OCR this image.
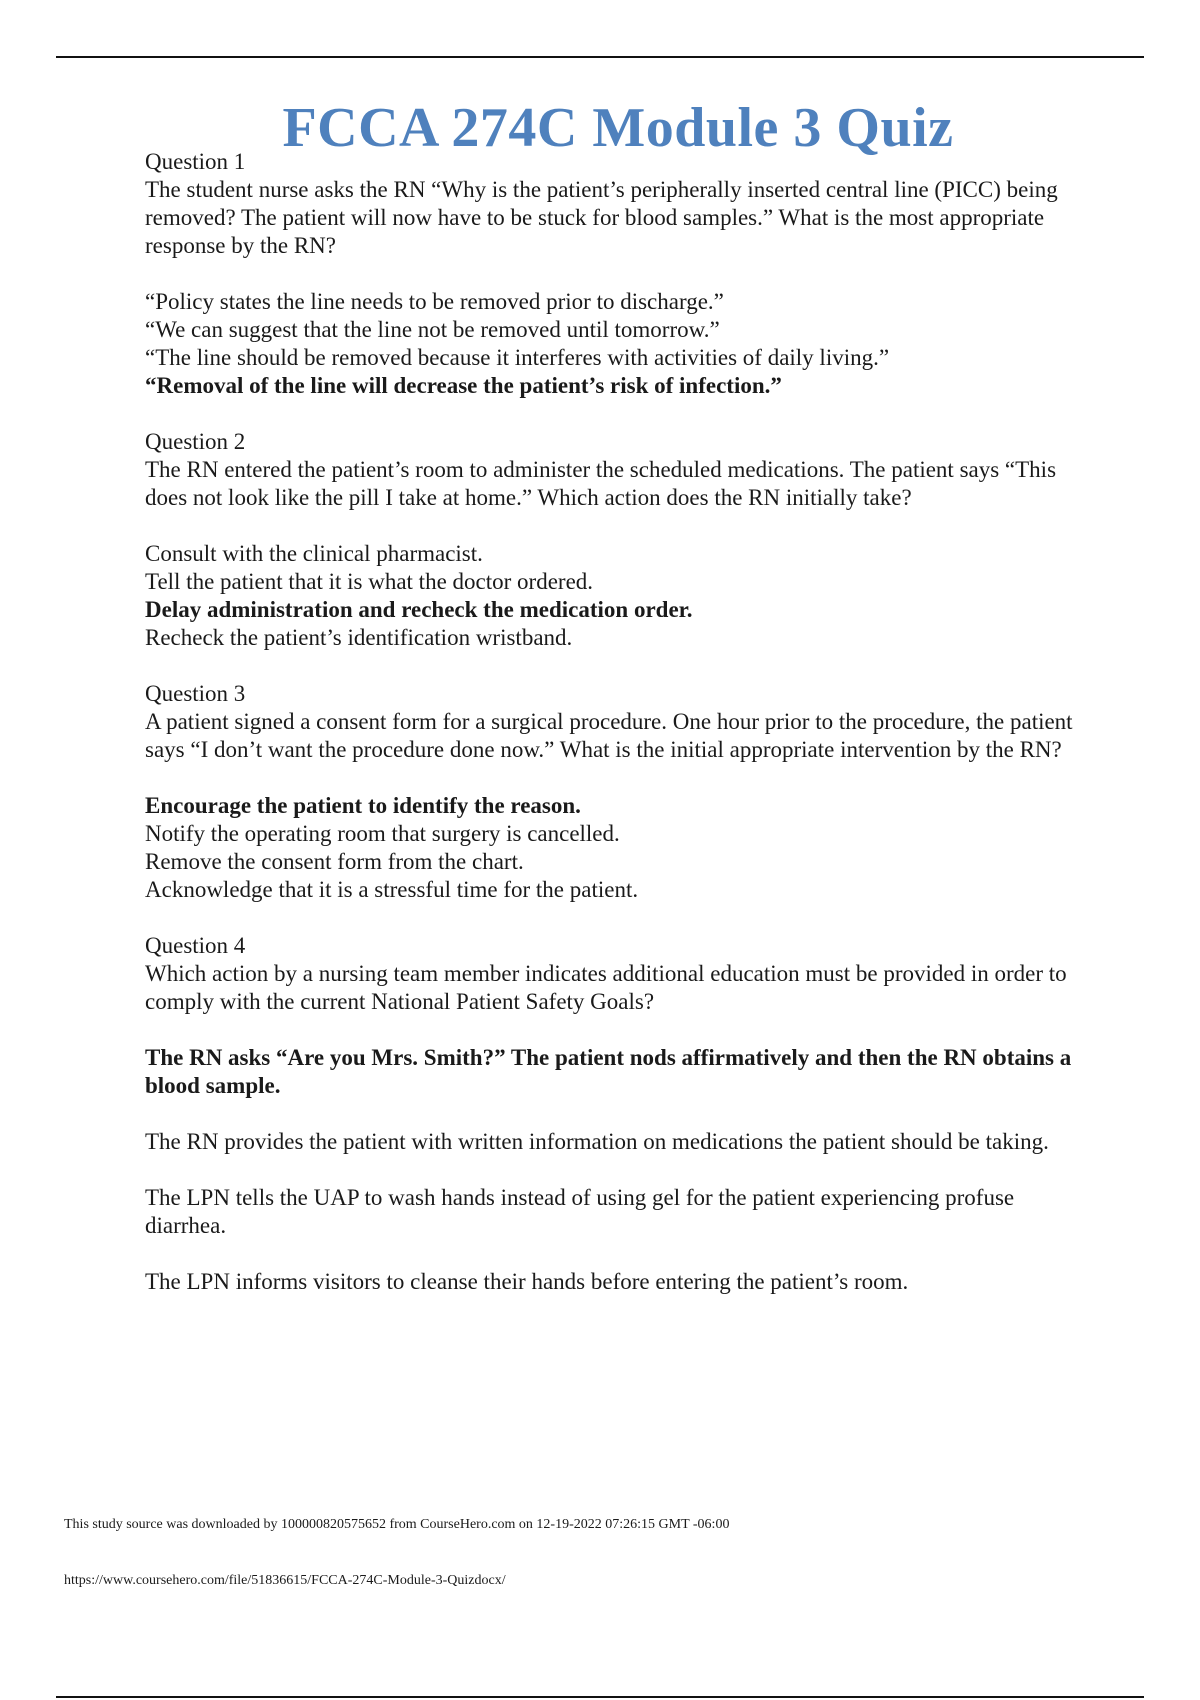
FCCA 274C Module 3 Quiz
Question 1
The student nurse asks the RN “Why is the patient’s peripherally inserted central line (PICC) being removed? The patient will now have to be stuck for blood samples.” What is the most appropriate response by the RN?
“Policy states the line needs to be removed prior to discharge.”
“We can suggest that the line not be removed until tomorrow.”
“The line should be removed because it interferes with activities of daily living.”
“Removal of the line will decrease the patient’s risk of infection.”
Question 2
The RN entered the patient’s room to administer the scheduled medications. The patient says “This does not look like the pill I take at home.” Which action does the RN initially take?
Consult with the clinical pharmacist.
Tell the patient that it is what the doctor ordered.
Delay administration and recheck the medication order.
Recheck the patient’s identification wristband.
Question 3
A patient signed a consent form for a surgical procedure. One hour prior to the procedure, the patient says “I don’t want the procedure done now.” What is the initial appropriate intervention by the RN?
Encourage the patient to identify the reason.
Notify the operating room that surgery is cancelled.
Remove the consent form from the chart.
Acknowledge that it is a stressful time for the patient.
Question 4
Which action by a nursing team member indicates additional education must be provided in order to comply with the current National Patient Safety Goals?
The RN asks “Are you Mrs. Smith?” The patient nods affirmatively and then the RN obtains a blood sample.
The RN provides the patient with written information on medications the patient should be taking.
The LPN tells the UAP to wash hands instead of using gel for the patient experiencing profuse diarrhea.
The LPN informs visitors to cleanse their hands before entering the patient’s room.
This study source was downloaded by 100000820575652 from CourseHero.com on 12-19-2022 07:26:15 GMT -06:00
https://www.coursehero.com/file/51836615/FCCA-274C-Module-3-Quizdocx/
